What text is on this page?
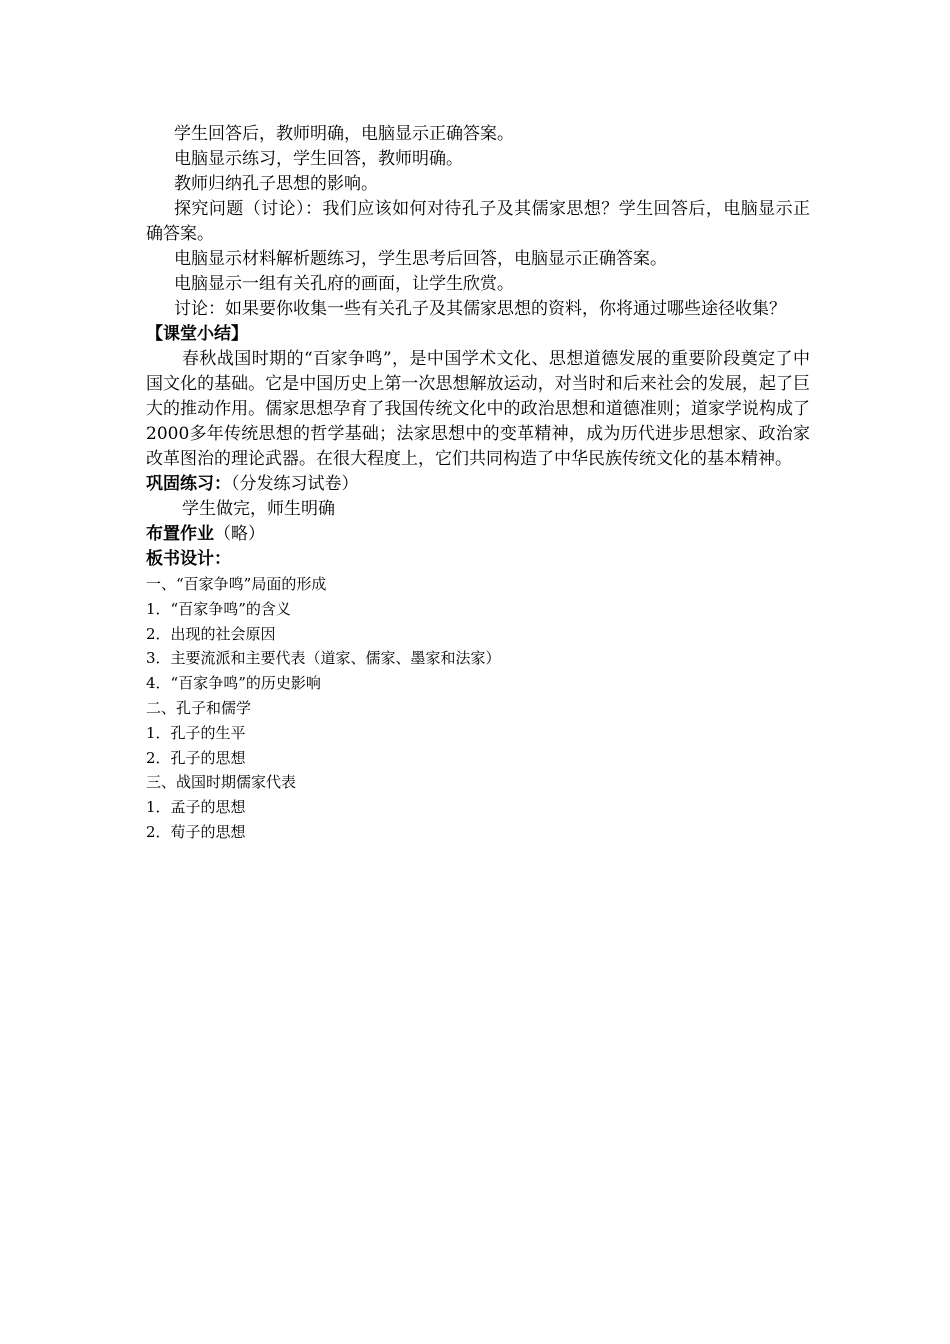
学生回答后，教师明确，电脑显示正确答案。

电脑显示练习，学生回答，教师明确。

教师归纳孔子思想的影响。

探究问题（讨论）：我们应该如何对待孔子及其儒家思想？学生回答后，电脑显示正确答案。

电脑显示材料解析题练习，学生思考后回答，电脑显示正确答案。

电脑显示一组有关孔府的画面，让学生欣赏。

讨论：如果要你收集一些有关孔子及其儒家思想的资料，你将通过哪些途径收集？

【课堂小结】

春秋战国时期的“百家争鸣”，是中国学术文化、思想道德发展的重要阶段奠定了中国文化的基础。它是中国历史上第一次思想解放运动，对当时和后来社会的发展，起了巨大的推动作用。儒家思想孕育了我国传统文化中的政治思想和道德准则；道家学说构成了2000多年传统思想的哲学基础；法家思想中的变革精神，成为历代进步思想家、政治家改革图治的理论武器。在很大程度上，它们共同构造了中华民族传统文化的基本精神。

巩固练习：（分发练习试卷）

学生做完，师生明确

布置作业（略）

板书设计：

一、“百家争鸣”局面的形成

1．“百家争鸣”的含义

2．出现的社会原因

3．主要流派和主要代表（道家、儒家、墨家和法家）

4．“百家争鸣”的历史影响

二、孔子和儒学

1．孔子的生平

2．孔子的思想

三、战国时期儒家代表

1．孟子的思想

2．荀子的思想
